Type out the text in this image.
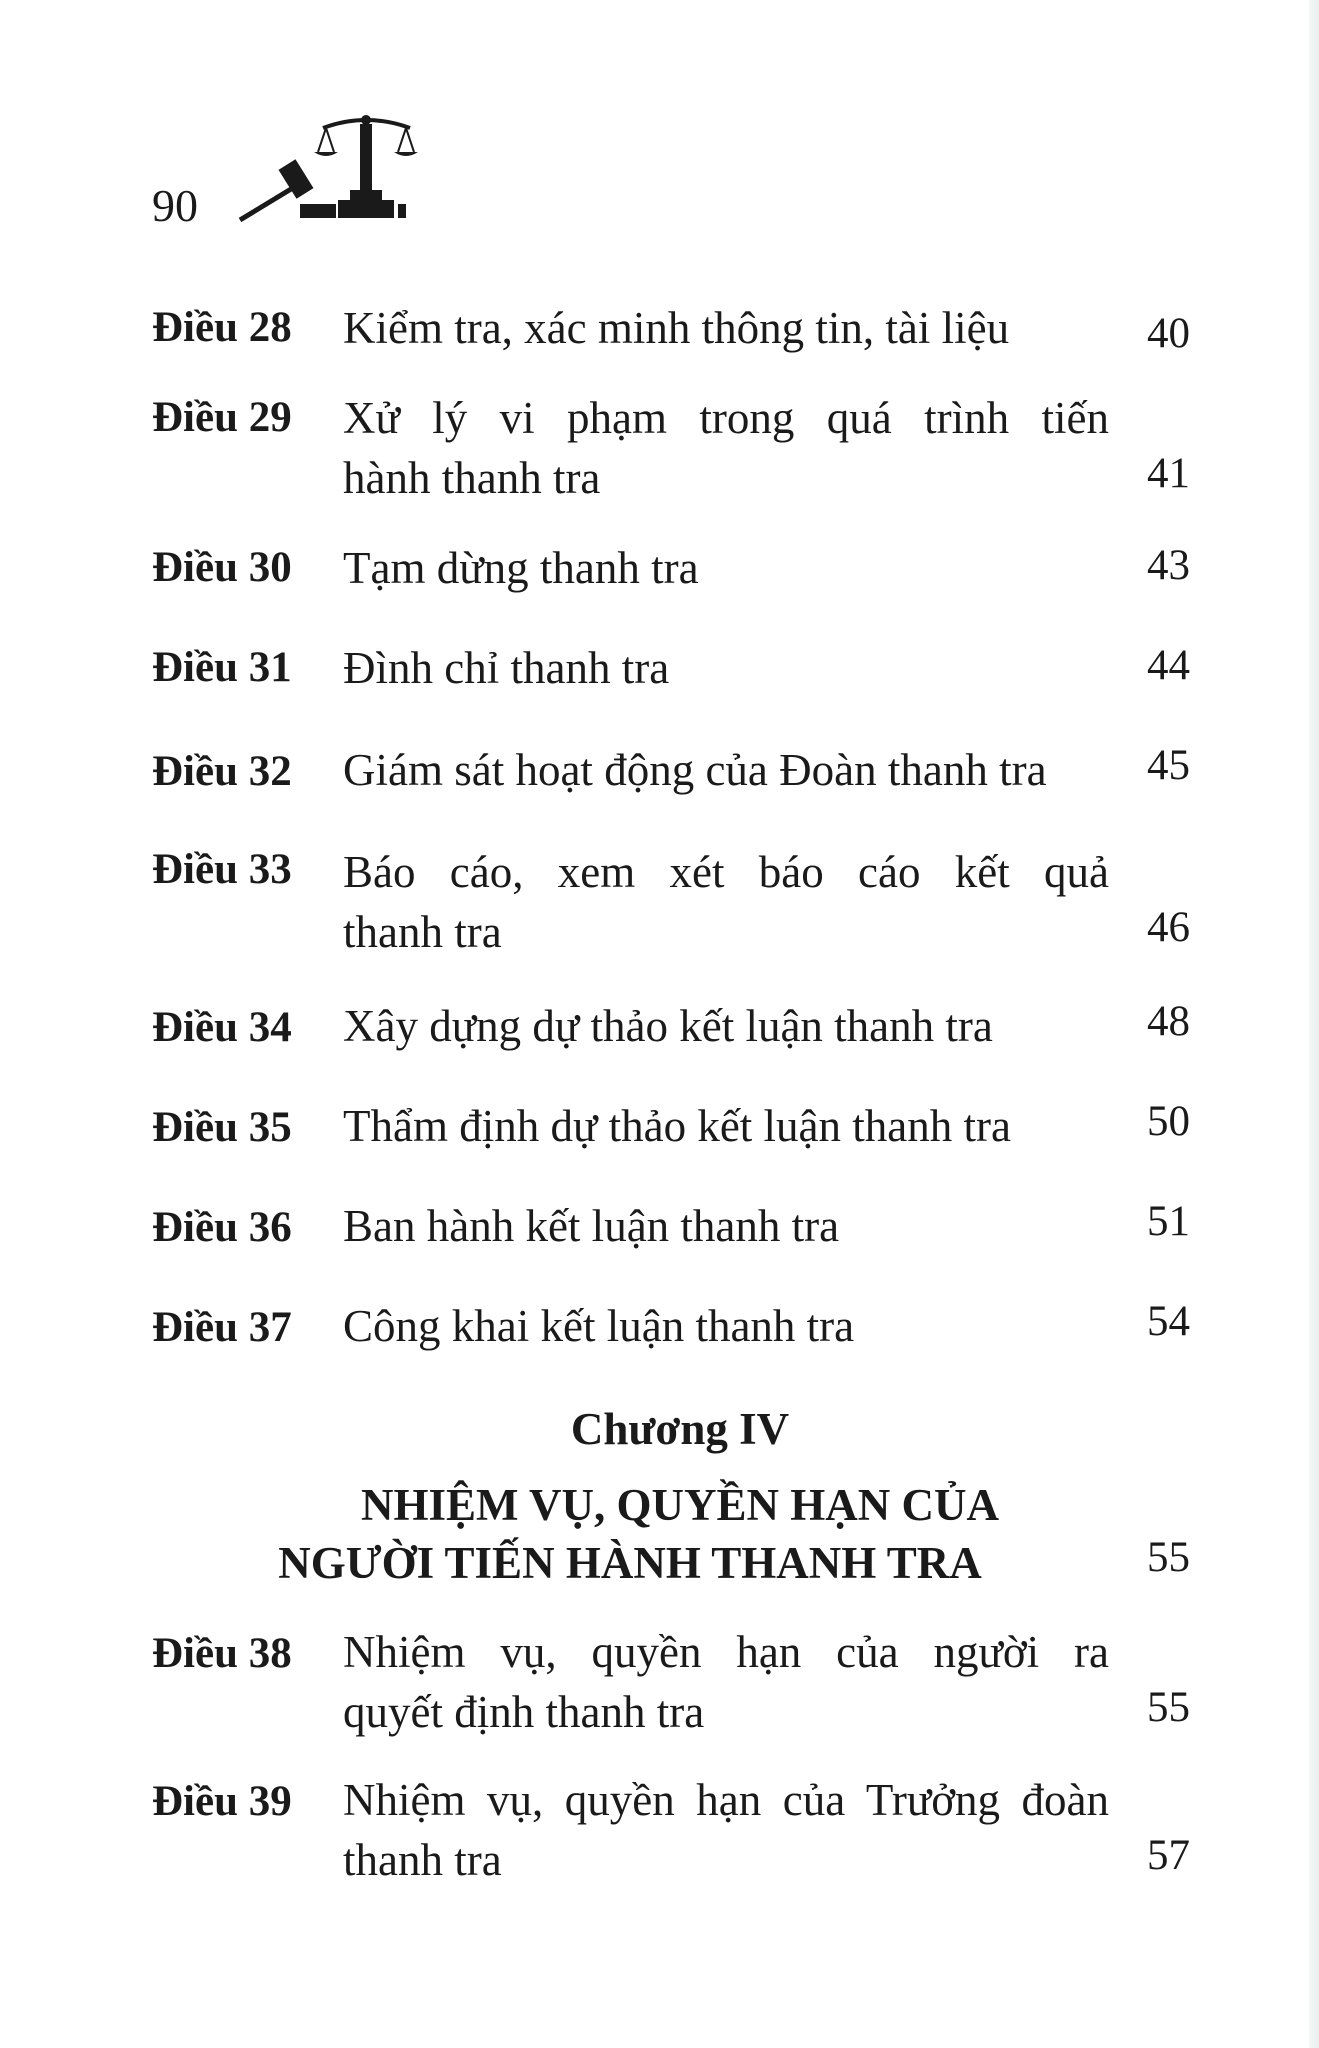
90
Điều 28	Kiểm tra, xác minh thông tin, tài liệu	40
Điều 29	Xử lý vi phạm trong quá trình tiến
hành thanh tra	41
Điều 30	Tạm dừng thanh tra	43
Điều 31	Đình chỉ thanh tra	44
Điều 32	Giám sát hoạt động của Đoàn thanh tra	45
Điều 33	Báo cáo, xem xét báo cáo kết quả
thanh tra	46
Điều 34	Xây dựng dự thảo kết luận thanh tra	48
Điều 35	Thẩm định dự thảo kết luận thanh tra	50
Điều 36	Ban hành kết luận thanh tra	51
Điều 37	Công khai kết luận thanh tra	54
Chương IV
NHIỆM VỤ, QUYỀN HẠN CỦA
NGƯỜI TIẾN HÀNH THANH TRA	55
Điều 38	Nhiệm vụ, quyền hạn của người ra
quyết định thanh tra	55
Điều 39	Nhiệm vụ, quyền hạn của Trưởng đoàn
thanh tra	57
